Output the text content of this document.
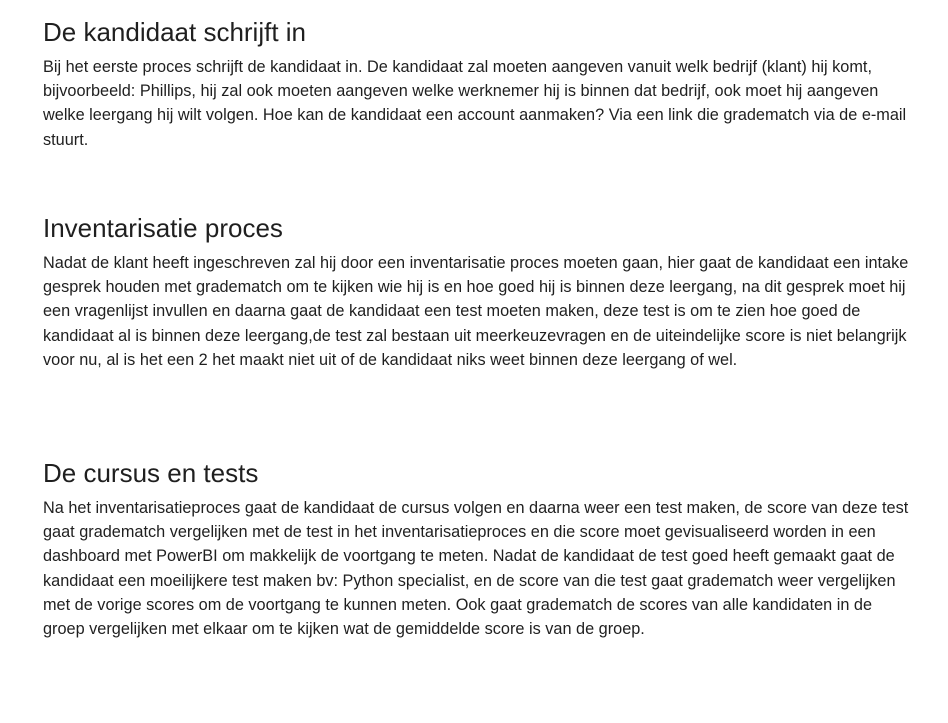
De kandidaat schrijft in

Bij het eerste proces schrijft de kandidaat in. De kandidaat zal moeten aangeven vanuit welk bedrijf (klant) hij komt, bijvoorbeeld: Phillips, hij zal ook moeten aangeven welke werknemer hij is binnen dat bedrijf, ook moet hij aangeven welke leergang hij wilt volgen. Hoe kan de kandidaat een account aanmaken? Via een link die gradematch via de e-mail stuurt.

Inventarisatie proces

Nadat de klant heeft ingeschreven zal hij door een inventarisatie proces moeten gaan, hier gaat de kandidaat een intake gesprek houden met gradematch om te kijken wie hij is en hoe goed hij is binnen deze leergang, na dit gesprek moet hij een vragenlijst invullen en daarna gaat de kandidaat een test moeten maken, deze test is om te zien hoe goed de kandidaat al is binnen deze leergang,de test zal bestaan uit meerkeuzevragen en de uiteindelijke score is niet belangrijk voor nu, al is het een 2 het maakt niet uit of de kandidaat niks weet binnen deze leergang of wel.

De cursus en tests

Na het inventarisatieproces gaat de kandidaat de cursus volgen en daarna weer een test maken, de score van deze test gaat gradematch vergelijken met de test in het inventarisatieproces en die score moet gevisualiseerd worden in een dashboard met PowerBI om makkelijk de voortgang te meten. Nadat de kandidaat de test goed heeft gemaakt gaat de kandidaat een moeilijkere test maken bv: Python specialist, en de score van die test gaat gradematch weer vergelijken met de vorige scores om de voortgang te kunnen meten. Ook gaat gradematch de scores van alle kandidaten in de groep vergelijken met elkaar om te kijken wat de gemiddelde score is van de groep.
